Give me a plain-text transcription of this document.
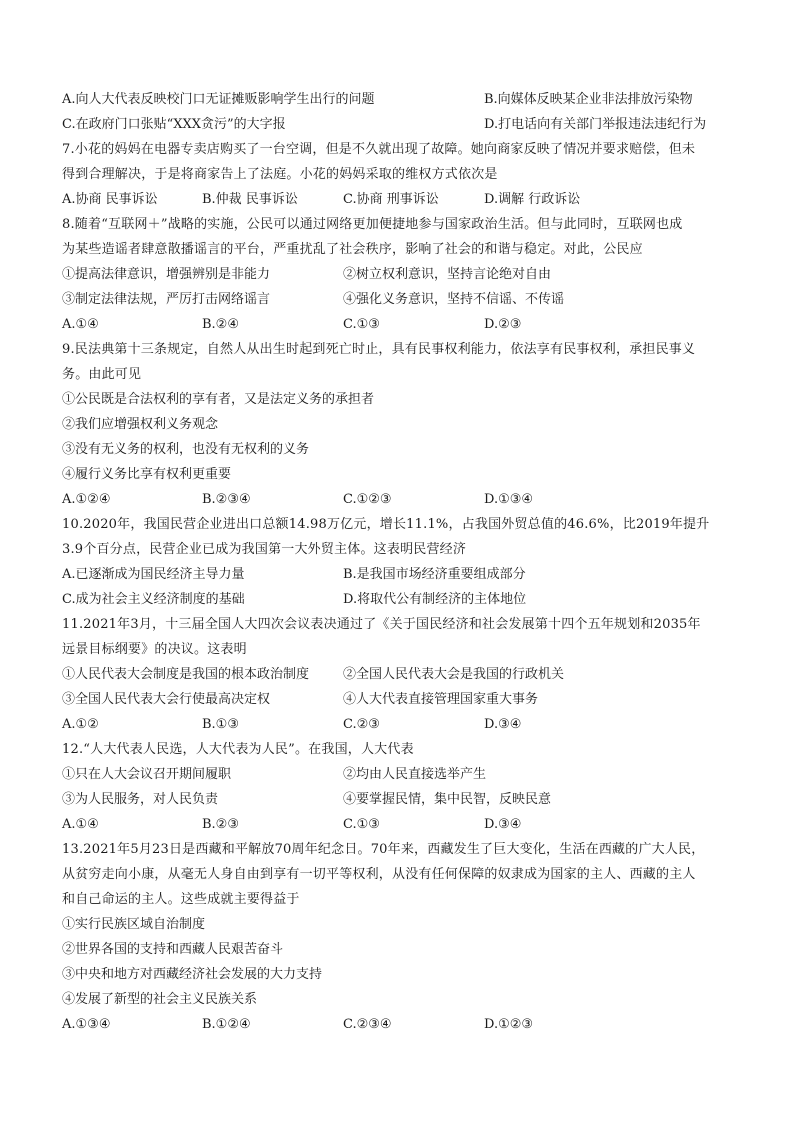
A.向人大代表反映校门口无证摊贩影响学生出行的问题	B.向媒体反映某企业非法排放污染物
C.在政府门口张贴“XXX贪污”的大字报	D.打电话向有关部门举报违法违纪行为
7.小花的妈妈在电器专卖店购买了一台空调，但是不久就出现了故障。她向商家反映了情况并要求赔偿，但未
得到合理解决，于是将商家告上了法庭。小花的妈妈采取的维权方式依次是
A.协商 民事诉讼	B.仲裁 民事诉讼	C.协商 刑事诉讼	D.调解 行政诉讼
8.随着“互联网＋”战略的实施，公民可以通过网络更加便捷地参与国家政治生活。但与此同时，互联网也成
为某些造谣者肆意散播谣言的平台，严重扰乱了社会秩序，影响了社会的和谐与稳定。对此，公民应
①提高法律意识，增强辨别是非能力	②树立权利意识，坚持言论绝对自由
③制定法律法规，严厉打击网络谣言	④强化义务意识，坚持不信谣、不传谣
A.①④	B.②④	C.①③	D.②③
9.民法典第十三条规定，自然人从出生时起到死亡时止，具有民事权利能力，依法享有民事权利，承担民事义
务。由此可见
①公民既是合法权利的享有者，又是法定义务的承担者
②我们应增强权利义务观念
③没有无义务的权利，也没有无权利的义务
④履行义务比享有权利更重要
A.①②④	B.②③④	C.①②③	D.①③④
10.2020年，我国民营企业进出口总额14.98万亿元，增长11.1%，占我国外贸总值的46.6%，比2019年提升
3.9个百分点，民营企业已成为我国第一大外贸主体。这表明民营经济
A.已逐渐成为国民经济主导力量	B.是我国市场经济重要组成部分
C.成为社会主义经济制度的基础	D.将取代公有制经济的主体地位
11.2021年3月，十三届全国人大四次会议表决通过了《关于国民经济和社会发展第十四个五年规划和2035年
远景目标纲要》的决议。这表明
①人民代表大会制度是我国的根本政治制度	②全国人民代表大会是我国的行政机关
③全国人民代表大会行使最高决定权	④人大代表直接管理国家重大事务
A.①②	B.①③	C.②③	D.③④
12.“人大代表人民选，人大代表为人民”。在我国，人大代表
①只在人大会议召开期间履职	②均由人民直接选举产生
③为人民服务，对人民负责	④要掌握民情，集中民智，反映民意
A.①④	B.②③	C.①③	D.③④
13.2021年5月23日是西藏和平解放70周年纪念日。70年来，西藏发生了巨大变化，生活在西藏的广大人民，
从贫穷走向小康，从毫无人身自由到享有一切平等权利，从没有任何保障的奴隶成为国家的主人、西藏的主人
和自己命运的主人。这些成就主要得益于
①实行民族区域自治制度
②世界各国的支持和西藏人民艰苦奋斗
③中央和地方对西藏经济社会发展的大力支持
④发展了新型的社会主义民族关系
A.①③④	B.①②④	C.②③④	D.①②③
